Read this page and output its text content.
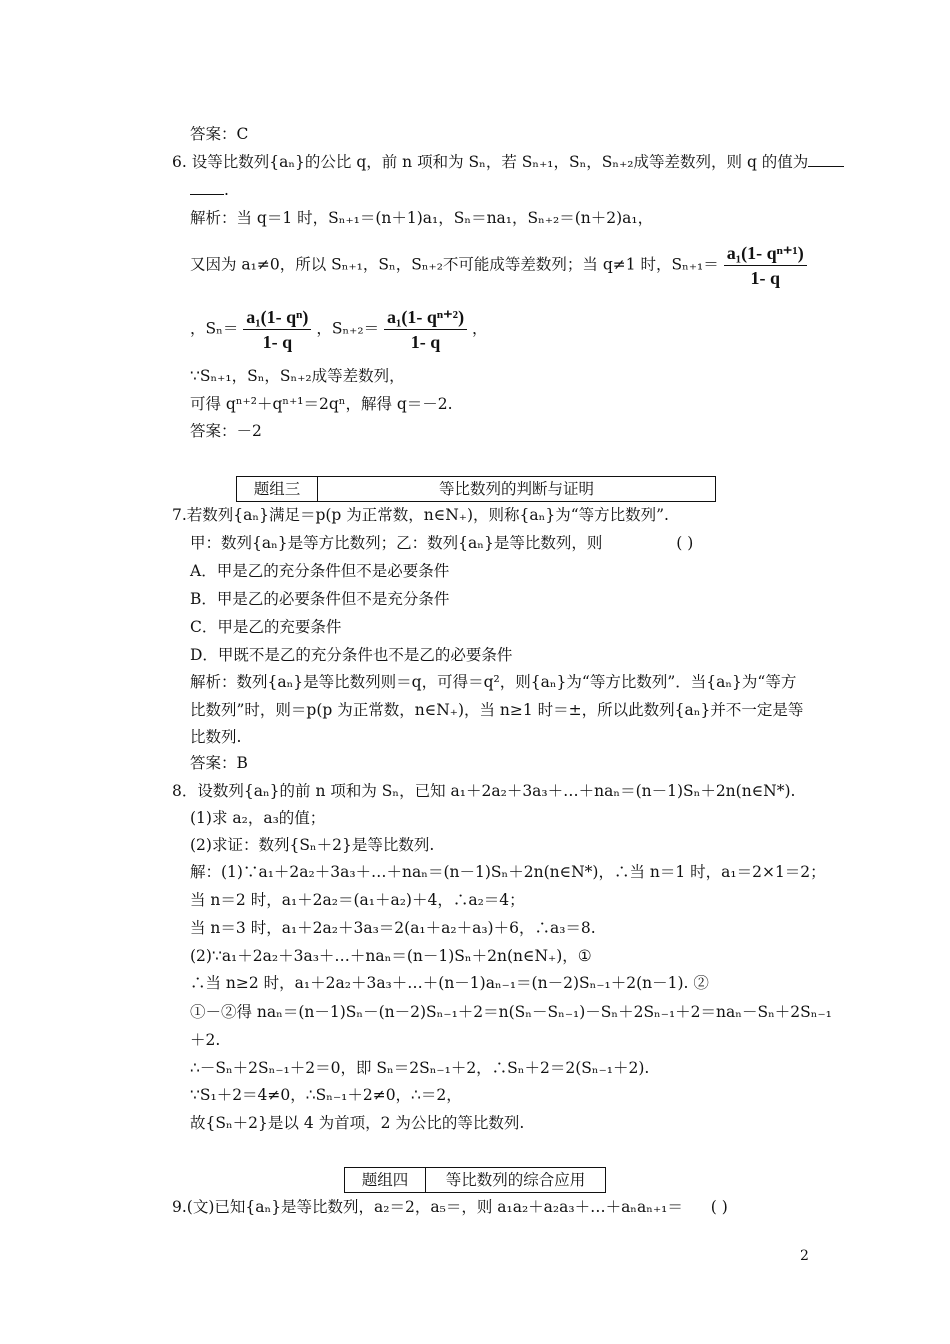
答案：C
6. 设等比数列{aₙ}的公比 q，前 n 项和为 Sₙ，若 Sₙ₊₁，Sₙ，Sₙ₊₂成等差数列，则 q 的值为
.
解析：当 q＝1 时，Sₙ₊₁＝(n＋1)a₁，Sₙ＝na₁，Sₙ₊₂＝(n＋2)a₁，
又因为 a₁≠0，所以 Sₙ₊₁，Sₙ，Sₙ₊₂不可能成等差数列；当 q≠1 时，$S_{n+1}= \frac{\text{a₁(1- qⁿ⁺¹)}}{1- q}$
，$S_n= \frac{\text{a₁(1- qⁿ)}}{1- q}$ ，$S_{n+2}= \frac{\text{a₁(1- qⁿ⁺²)}}{1- q}$ ，
∵Sₙ₊₁，Sₙ，Sₙ₊₂成等差数列，
可得 qⁿ⁺²＋qⁿ⁺¹＝2qⁿ，解得 q＝－2.
答案：－2
题组三	等比数列的判断与证明
7.若数列{aₙ}满足＝p(p 为正常数，n∈N₊)，则称{aₙ}为“等方比数列”.
甲：数列{aₙ}是等方比数列；乙：数列{aₙ}是等比数列，则	( )
A．甲是乙的充分条件但不是必要条件
B．甲是乙的必要条件但不是充分条件
C．甲是乙的充要条件
D．甲既不是乙的充分条件也不是乙的必要条件
解析：数列{aₙ}是等比数列则＝q，可得＝q²，则{aₙ}为“等方比数列”．当{aₙ}为“等方
比数列”时，则＝p(p 为正常数，n∈N₊)，当 n≥1 时＝±，所以此数列{aₙ}并不一定是等
比数列.
答案：B
8．设数列{aₙ}的前 n 项和为 Sₙ，已知 a₁＋2a₂＋3a₃＋…＋naₙ＝(n－1)Sₙ＋2n(n∈N*).
(1)求 a₂，a₃的值；
(2)求证：数列{Sₙ＋2}是等比数列.
解：(1)∵a₁＋2a₂＋3a₃＋…＋naₙ＝(n－1)Sₙ＋2n(n∈N*)，∴当 n＝1 时，a₁＝2×1＝2；
当 n＝2 时，a₁＋2a₂＝(a₁＋a₂)＋4，∴a₂＝4；
当 n＝3 时，a₁＋2a₂＋3a₃＝2(a₁＋a₂＋a₃)＋6，∴a₃＝8.
(2)∵a₁＋2a₂＋3a₃＋…＋naₙ＝(n－1)Sₙ＋2n(n∈N₊)，①
∴当 n≥2 时，a₁＋2a₂＋3a₃＋…＋(n－1)aₙ₋₁＝(n－2)Sₙ₋₁＋2(n－1). ②
①－②得 naₙ＝(n－1)Sₙ－(n－2)Sₙ₋₁＋2＝n(Sₙ－Sₙ₋₁)－Sₙ＋2Sₙ₋₁＋2＝naₙ－Sₙ＋2Sₙ₋₁
＋2.
∴－Sₙ＋2Sₙ₋₁＋2＝0，即 Sₙ＝2Sₙ₋₁＋2，∴Sₙ＋2＝2(Sₙ₋₁＋2).
∵S₁＋2＝4≠0，∴Sₙ₋₁＋2≠0，∴＝2，
故{Sₙ＋2}是以 4 为首项，2 为公比的等比数列.
题组四	等比数列的综合应用
9.(文)已知{aₙ}是等比数列，a₂＝2，a₅＝，则 a₁a₂＋a₂a₃＋…＋aₙaₙ₊₁＝ ( )
2
